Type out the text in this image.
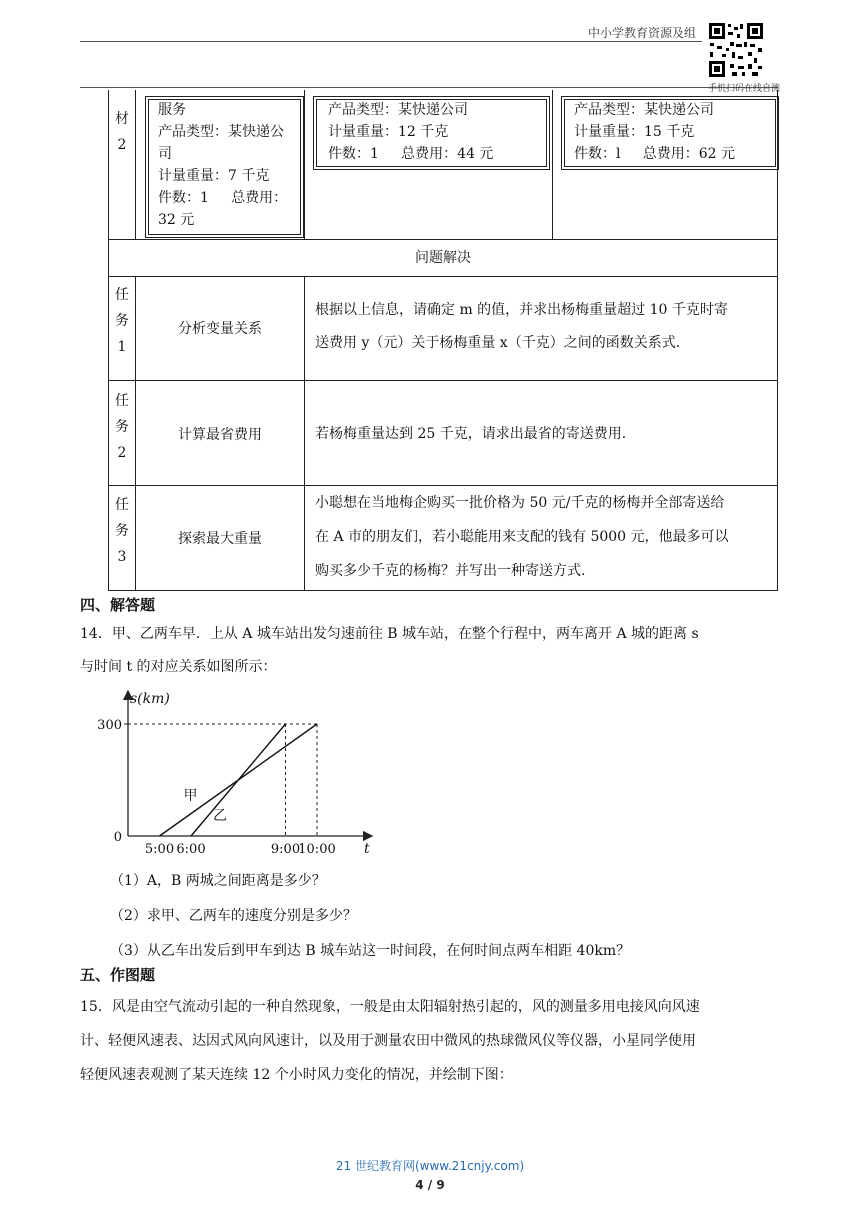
中小学教育资源及组
手机扫码在线自测
材
2
服务
产品类型：某快递公
司
计量重量：7 千克
件数：1     总费用：
32 元
产品类型：某快递公司
计量重量：12 千克
件数：1     总费用：44 元
产品类型：某快递公司
计量重量：15 千克
件数：l     总费用：62 元
问题解决
任
务
1
分析变量关系
根据以上信息，请确定 m 的值，并求出杨梅重量超过 10 千克时寄
送费用 y（元）关于杨梅重量 x（千克）之间的函数关系式.
任
务
2
计算最省费用	若杨梅重量达到 25 千克，请求出最省的寄送费用.
任
务
3
探索最大重量
小聪想在当地梅企购买一批价格为 50 元/千克的杨梅并全部寄送给
在 A 市的朋友们，若小聪能用来支配的钱有 5000 元，他最多可以
购买多少千克的杨梅？并写出一种寄送方式.
四、解答题
14．甲、乙两车早．上从 A 城车站出发匀速前往 B 城车站，在整个行程中，两车离开 A 城的距离 s
与时间 t 的对应关系如图所示：
s(km)
t
0
300
甲
乙
5:00 6:00	9:00
10:00
（1）A，B 两城之间距离是多少？
（2）求甲、乙两车的速度分别是多少？
（3）从乙车出发后到甲车到达 B 城车站这一时间段，在何时间点两车相距 40km？
五、作图题
15．风是由空气流动引起的一种自然现象，一般是由太阳辐射热引起的，风的测量多用电接风向风速
计、轻便风速表、达因式风向风速计，以及用于测量农田中微风的热球微风仪等仪器，小星同学使用
轻便风速表观测了某天连续 12 个小时风力变化的情况，并绘制下图：
21 世纪教育网(www.21cnjy.com)
4 / 9
